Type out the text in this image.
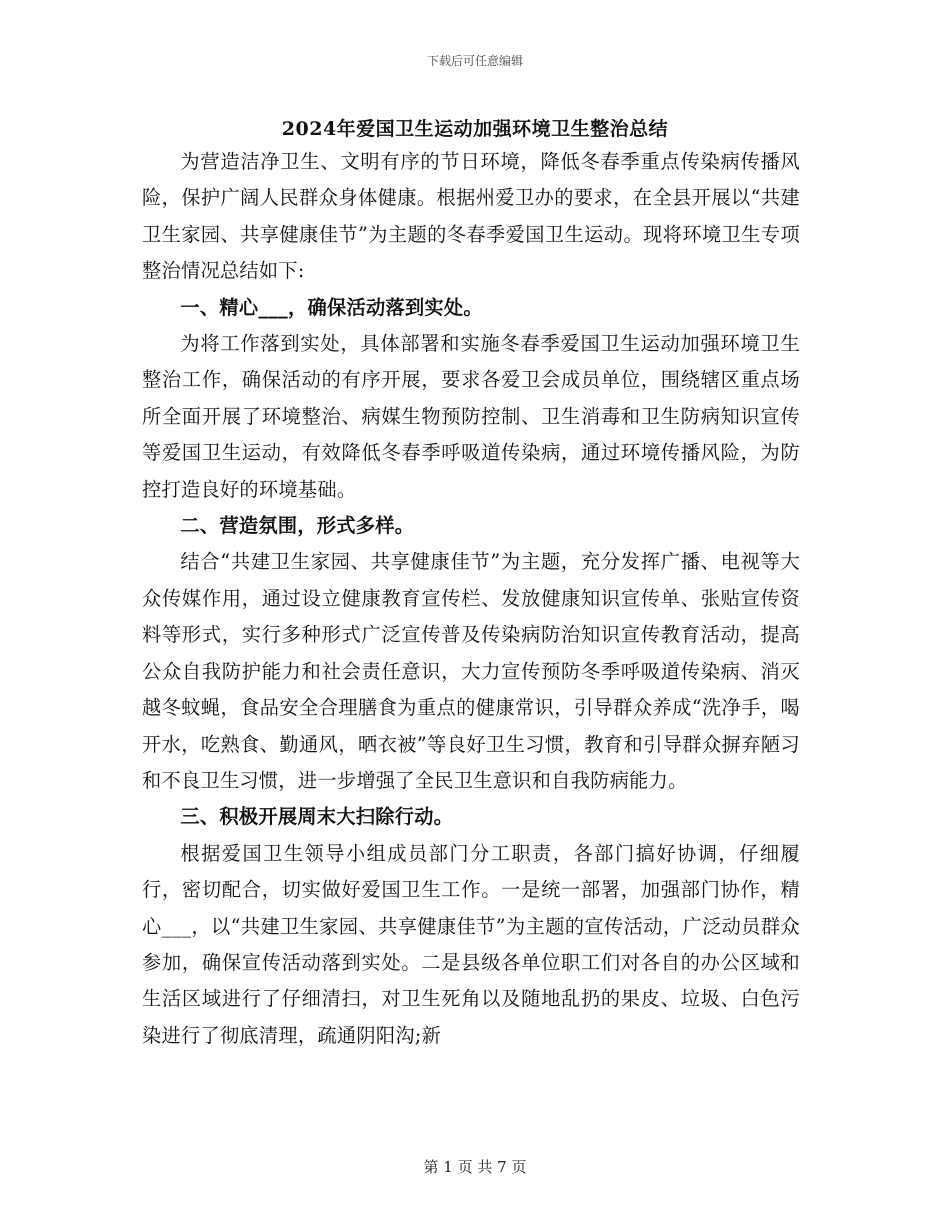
下载后可任意编辑
2024年爱国卫生运动加强环境卫生整治总结

为营造洁净卫生、文明有序的节日环境，降低冬春季重点传染病传播风险，保护广阔人民群众身体健康。根据州爱卫办的要求，在全县开展以“共建卫生家园、共享健康佳节”为主题的冬春季爱国卫生运动。现将环境卫生专项整治情况总结如下:

一、精心___，确保活动落到实处。

为将工作落到实处，具体部署和实施冬春季爱国卫生运动加强环境卫生整治工作，确保活动的有序开展，要求各爱卫会成员单位，围绕辖区重点场所全面开展了环境整治、病媒生物预防控制、卫生消毒和卫生防病知识宣传等爱国卫生运动，有效降低冬春季呼吸道传染病，通过环境传播风险，为防控打造良好的环境基础。

二、营造氛围，形式多样。

结合“共建卫生家园、共享健康佳节”为主题，充分发挥广播、电视等大众传媒作用，通过设立健康教育宣传栏、发放健康知识宣传单、张贴宣传资料等形式，实行多种形式广泛宣传普及传染病防治知识宣传教育活动，提高公众自我防护能力和社会责任意识，大力宣传预防冬季呼吸道传染病、消灭越冬蚊蝇，食品安全合理膳食为重点的健康常识，引导群众养成“洗净手，喝开水，吃熟食、勤通风，晒衣被”等良好卫生习惯，教育和引导群众摒弃陋习和不良卫生习惯，进一步增强了全民卫生意识和自我防病能力。

三、积极开展周末大扫除行动。

根据爱国卫生领导小组成员部门分工职责，各部门搞好协调，仔细履行，密切配合，切实做好爱国卫生工作。一是统一部署，加强部门协作，精心___，以“共建卫生家园、共享健康佳节”为主题的宣传活动，广泛动员群众参加，确保宣传活动落到实处。二是县级各单位职工们对各自的办公区域和生活区域进行了仔细清扫，对卫生死角以及随地乱扔的果皮、垃圾、白色污染进行了彻底清理，疏通阴阳沟;新

第 1 页 共 7 页
